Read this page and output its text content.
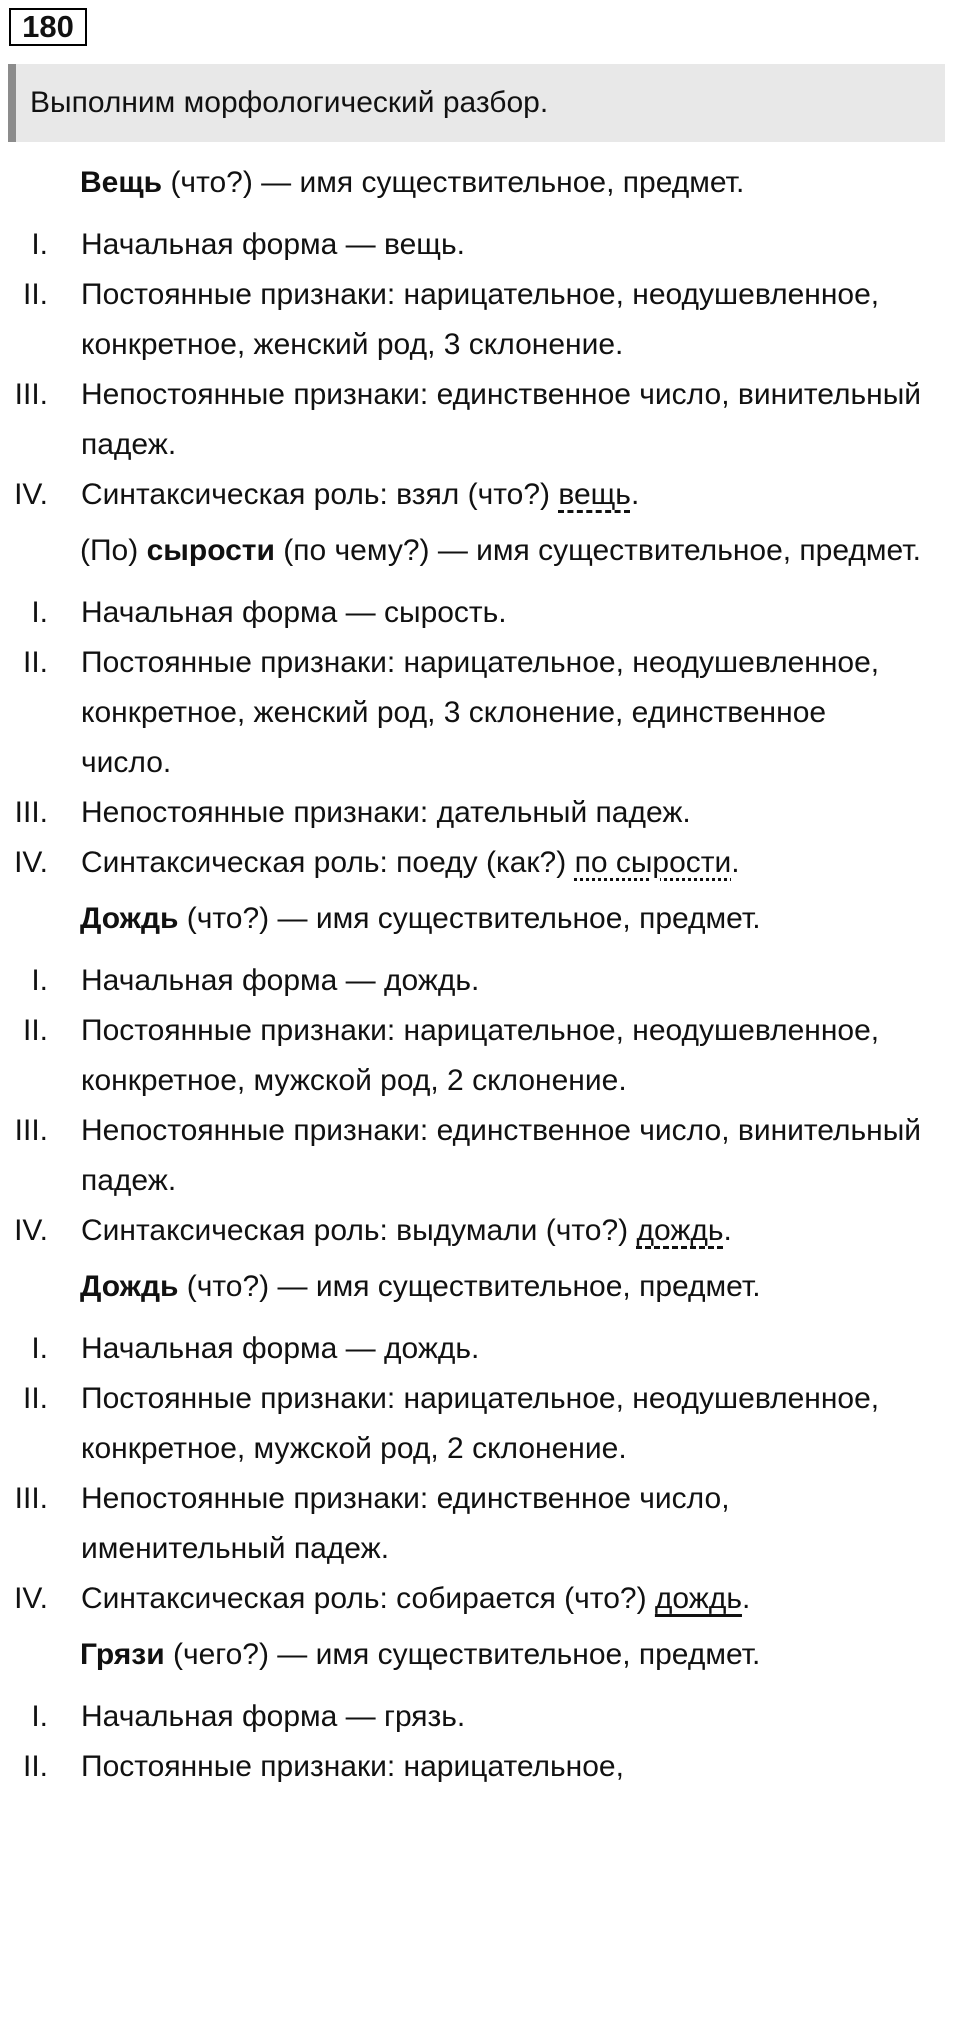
180
Выполним морфологический разбор.
Вещь (что?) — имя существительное, предмет.
I. Начальная форма — вещь.
II. Постоянные признаки: нарицательное, неодушевленное, конкретное, женский род, 3 склонение.
III. Непостоянные признаки: единственное число, винительный падеж.
IV. Синтаксическая роль: взял (что?) вещь.
(По) сырости (по чему?) — имя существительное, предмет.
I. Начальная форма — сырость.
II. Постоянные признаки: нарицательное, неодушевленное, конкретное, женский род, 3 склонение, единственное число.
III. Непостоянные признаки: дательный падеж.
IV. Синтаксическая роль: поеду (как?) по сырости.
Дождь (что?) — имя существительное, предмет.
I. Начальная форма — дождь.
II. Постоянные признаки: нарицательное, неодушевленное, конкретное, мужской род, 2 склонение.
III. Непостоянные признаки: единственное число, винительный падеж.
IV. Синтаксическая роль: выдумали (что?) дождь.
Дождь (что?) — имя существительное, предмет.
I. Начальная форма — дождь.
II. Постоянные признаки: нарицательное, неодушевленное, конкретное, мужской род, 2 склонение.
III. Непостоянные признаки: единственное число, именительный падеж.
IV. Синтаксическая роль: собирается (что?) дождь.
Грязи (чего?) — имя существительное, предмет.
I. Начальная форма — грязь.
II. Постоянные признаки: нарицательное,
